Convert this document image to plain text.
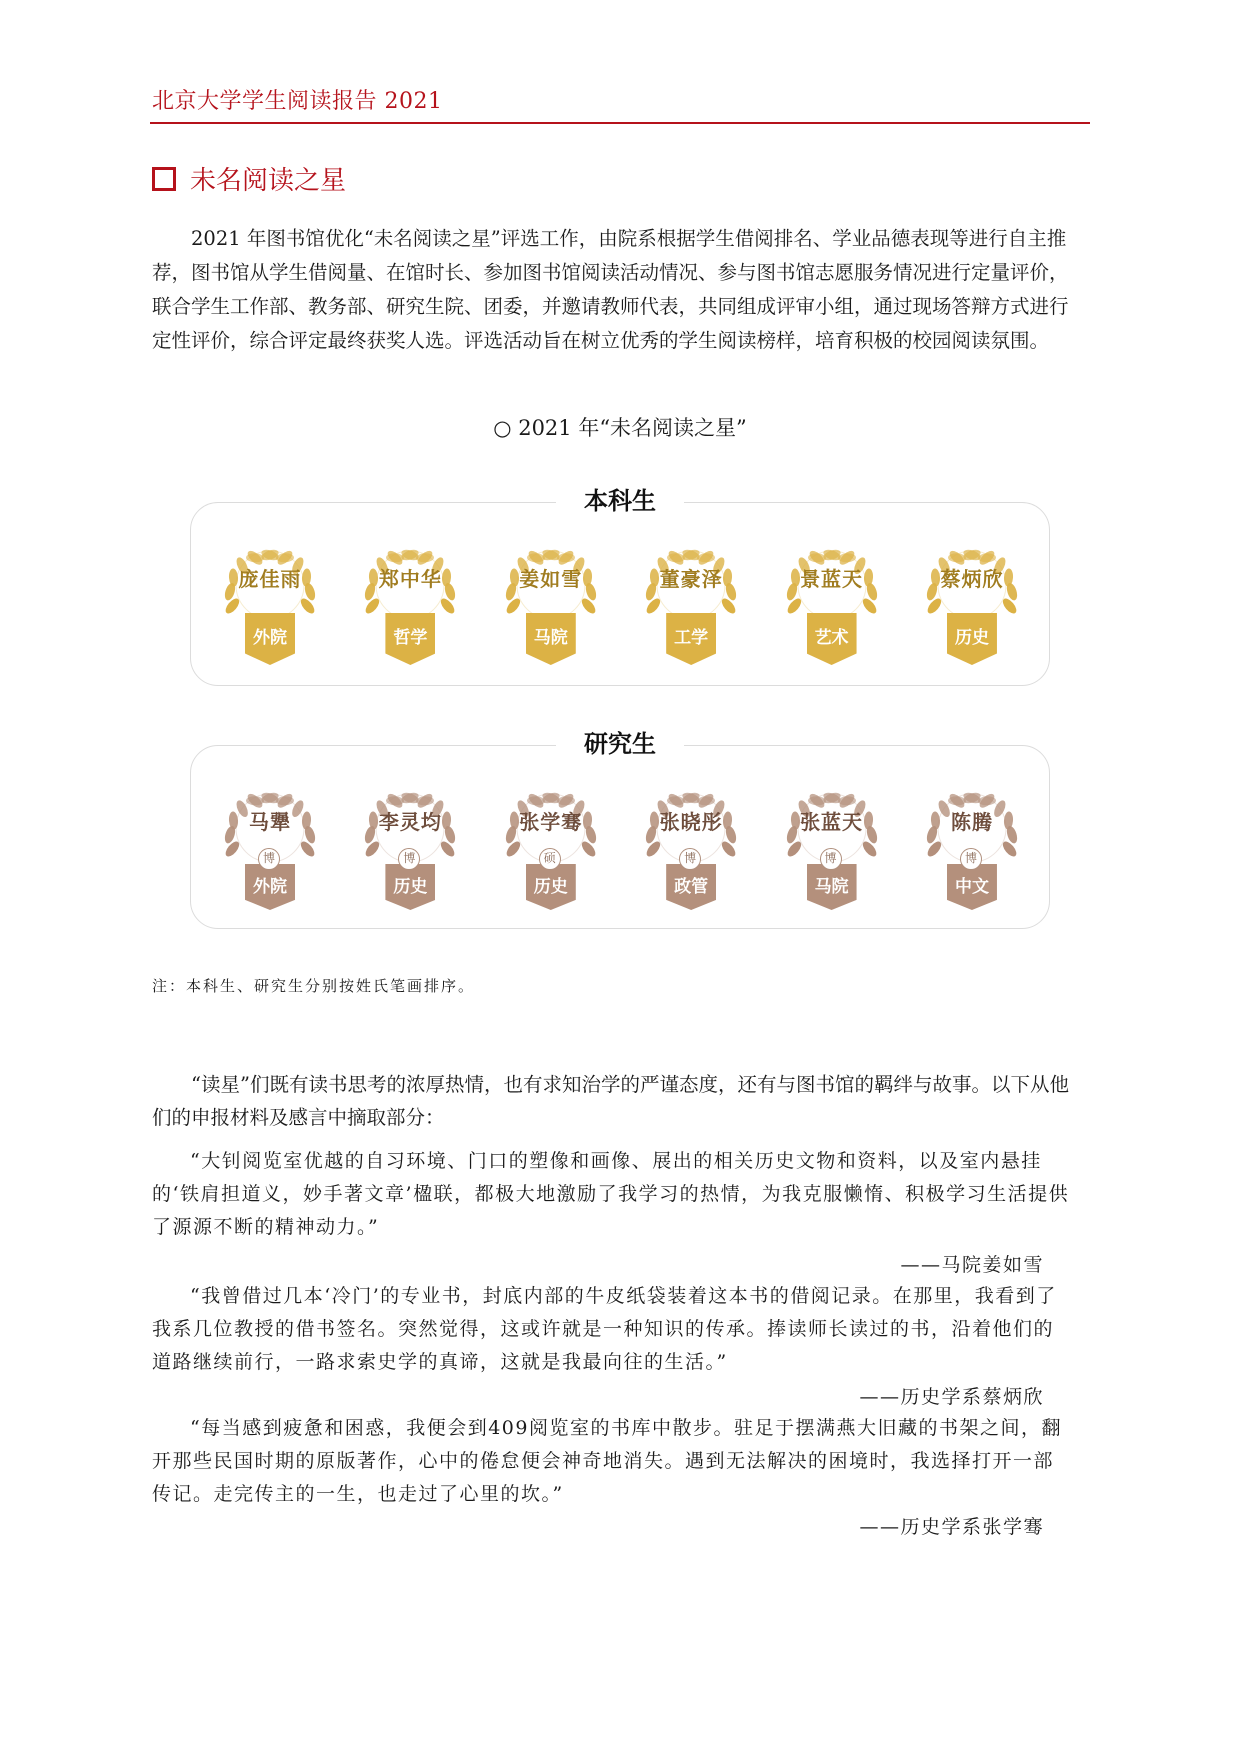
北京大学学生阅读报告 2021
未名阅读之星
2021 年图书馆优化“未名阅读之星”评选工作，由院系根据学生借阅排名、学业品德表现等进行自主推荐，图书馆从学生借阅量、在馆时长、参加图书馆阅读活动情况、参与图书馆志愿服务情况进行定量评价，联合学生工作部、教务部、研究生院、团委，并邀请教师代表，共同组成评审小组，通过现场答辩方式进行定性评价，综合评定最终获奖人选。评选活动旨在树立优秀的学生阅读榜样，培育积极的校园阅读氛围。
○ 2021 年“未名阅读之星”
本科生
庞佳雨
外院
郑中华
哲学
姜如雪
马院
董豪泽
工学
景蓝天
艺术
蔡炳欣
历史
研究生
马犟
博
外院
李灵均
博
历史
张学骞
硕
历史
张晓彤
博
政管
张蓝天
博
马院
陈腾
博
中文
注：本科生、研究生分别按姓氏笔画排序。
“读星”们既有读书思考的浓厚热情，也有求知治学的严谨态度，还有与图书馆的羁绊与故事。以下从他们的申报材料及感言中摘取部分：
“大钊阅览室优越的自习环境、门口的塑像和画像、展出的相关历史文物和资料，以及室内悬挂的‘铁肩担道义，妙手著文章’楹联，都极大地激励了我学习的热情，为我克服懒惰、积极学习生活提供了源源不断的精神动力。”
——马院姜如雪
“我曾借过几本‘冷门’的专业书，封底内部的牛皮纸袋装着这本书的借阅记录。在那里，我看到了我系几位教授的借书签名。突然觉得，这或许就是一种知识的传承。捧读师长读过的书，沿着他们的道路继续前行，一路求索史学的真谛，这就是我最向往的生活。”
——历史学系蔡炳欣
“每当感到疲惫和困惑，我便会到409阅览室的书库中散步。驻足于摆满燕大旧藏的书架之间，翻开那些民国时期的原版著作，心中的倦怠便会神奇地消失。遇到无法解决的困境时，我选择打开一部传记。走完传主的一生，也走过了心里的坎。”
——历史学系张学骞
